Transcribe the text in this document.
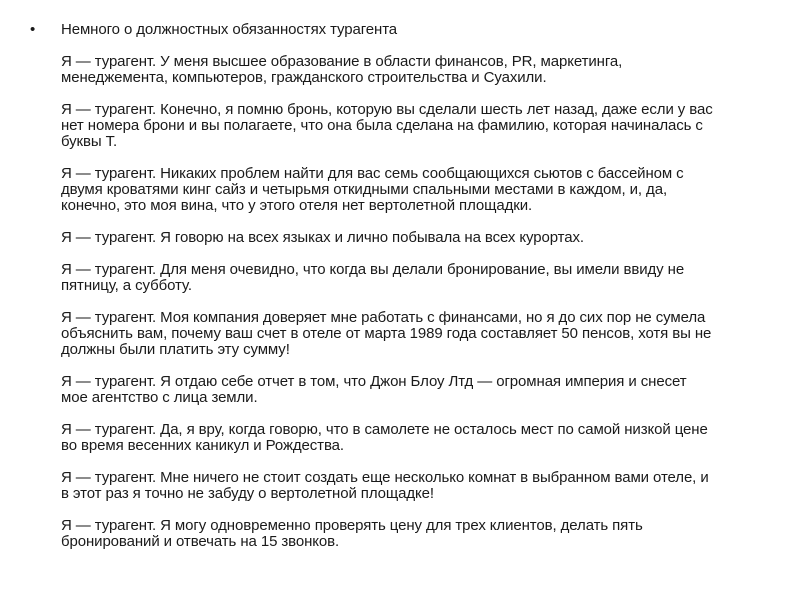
• Немного о должностных обязанностях турагента
Я — турагент. У меня высшее образование в области финансов, PR, маркетинга,
менеджемента, компьютеров, гражданского строительства и Суахили.
Я — турагент. Конечно, я помню бронь, которую вы сделали шесть лет назад, даже если у вас
нет номера брони и вы полагаете, что она была сделана на фамилию, которая начиналась с
буквы Т.
Я — турагент. Никаких проблем найти для вас семь сообщающихся сьютов с бассейном с
двумя кроватями кинг сайз и четырьмя откидными спальными местами в каждом, и, да,
конечно, это моя вина, что у этого отеля нет вертолетной площадки.
Я — турагент. Я говорю на всех языках и лично побывала на всех курортах.
Я — турагент. Для меня очевидно, что когда вы делали бронирование, вы имели ввиду не
пятницу, а субботу.
Я — турагент. Моя компания доверяет мне работать с финансами, но я до сих пор не сумела
объяснить вам, почему ваш счет в отеле от марта 1989 года составляет 50 пенсов, хотя вы не
должны были платить эту сумму!
Я — турагент. Я отдаю себе отчет в том, что Джон Блоу Лтд — огромная империя и снесет
мое агентство с лица земли.
Я — турагент. Да, я вру, когда говорю, что в самолете не осталось мест по самой низкой цене
во время весенних каникул и Рождества.
Я — турагент. Мне ничего не стоит создать еще несколько комнат в выбранном вами отеле, и
в этот раз я точно не забуду о вертолетной площадке!
Я — турагент. Я могу одновременно проверять цену для трех клиентов, делать пять
бронирований и отвечать на 15 звонков.
